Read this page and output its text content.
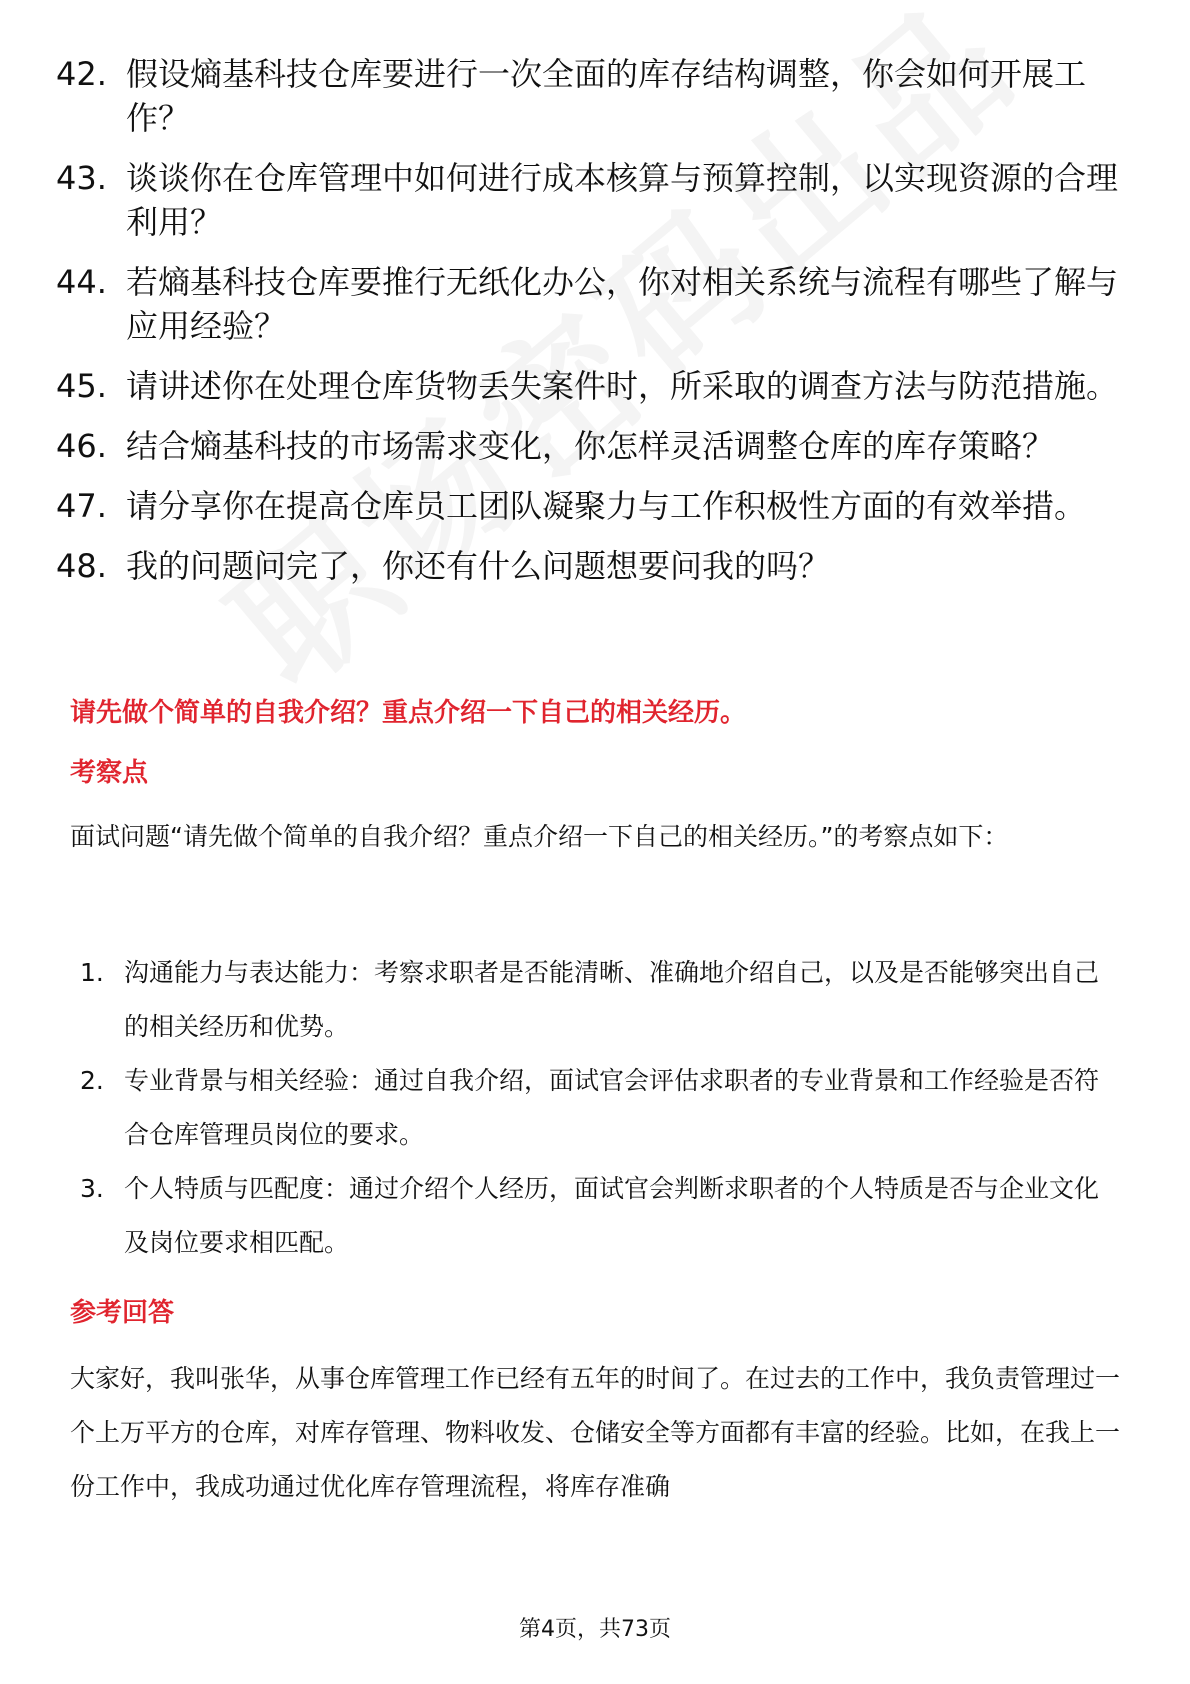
42. 假设熵基科技仓库要进行一次全面的库存结构调整，你会如何开展工作？
43. 谈谈你在仓库管理中如何进行成本核算与预算控制，以实现资源的合理利用？
44. 若熵基科技仓库要推行无纸化办公，你对相关系统与流程有哪些了解与应用经验？
45. 请讲述你在处理仓库货物丢失案件时，所采取的调查方法与防范措施。
46. 结合熵基科技的市场需求变化，你怎样灵活调整仓库的库存策略？
47. 请分享你在提高仓库员工团队凝聚力与工作积极性方面的有效举措。
48. 我的问题问完了，你还有什么问题想要问我的吗？
请先做个简单的自我介绍？重点介绍一下自己的相关经历。
考察点
面试问题“请先做个简单的自我介绍？重点介绍一下自己的相关经历。”的考察点如下：
1. 沟通能力与表达能力：考察求职者是否能清晰、准确地介绍自己，以及是否能够突出自己的相关经历和优势。
2. 专业背景与相关经验：通过自我介绍，面试官会评估求职者的专业背景和工作经验是否符合仓库管理员岗位的要求。
3. 个人特质与匹配度：通过介绍个人经历，面试官会判断求职者的个人特质是否与企业文化及岗位要求相匹配。
参考回答
大家好，我叫张华，从事仓库管理工作已经有五年的时间了。在过去的工作中，我负责管理过一个上万平方的仓库，对库存管理、物料收发、仓储安全等方面都有丰富的经验。比如，在我上一份工作中，我成功通过优化库存管理流程，将库存准确
第4页，共73页
